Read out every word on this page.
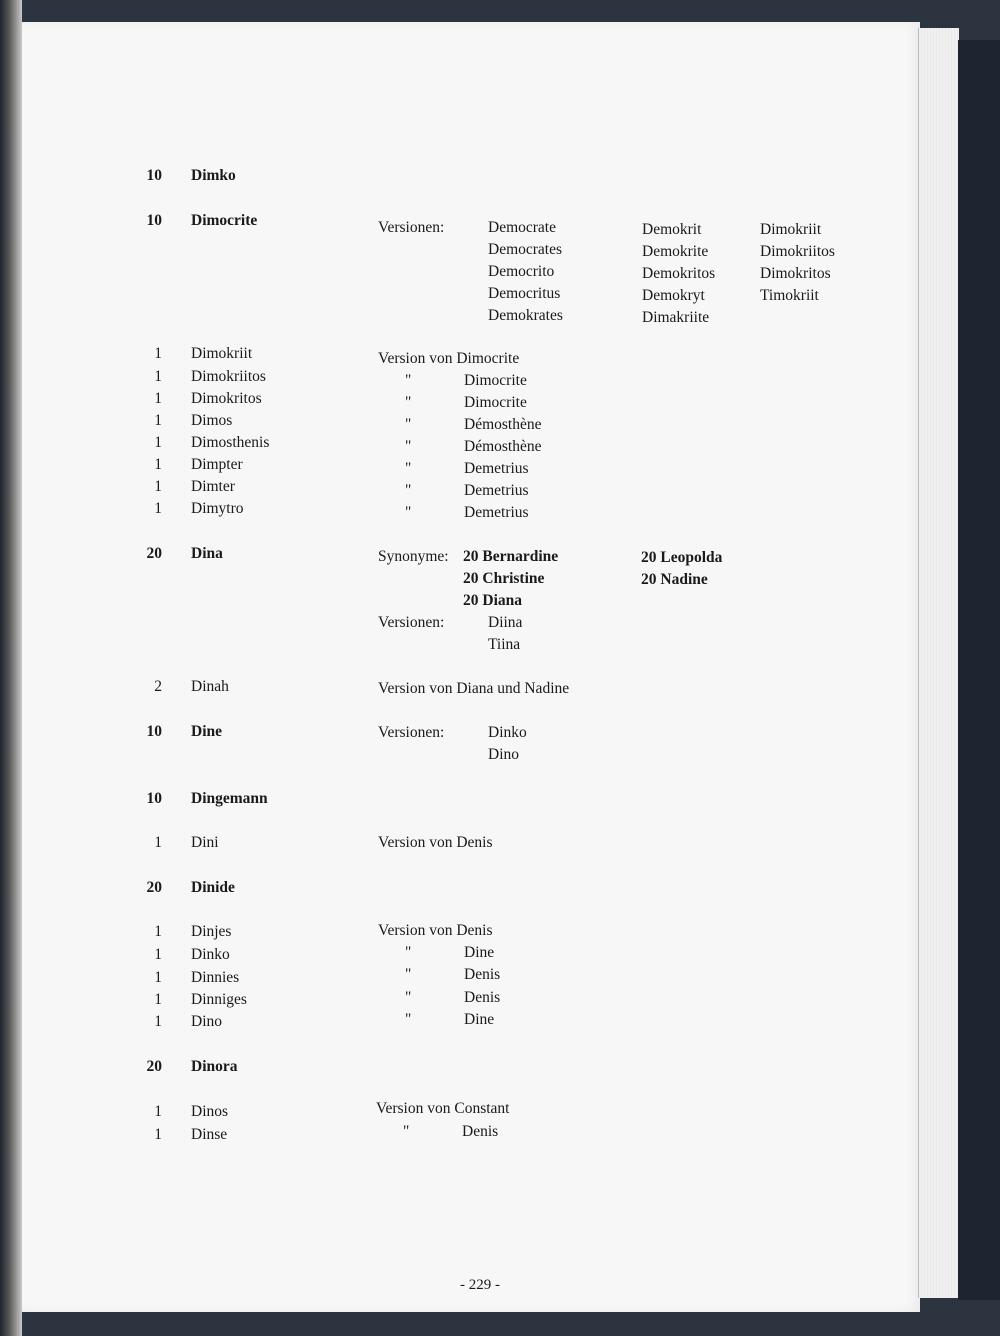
10 Dimko
10 Dimocrite	Versionen:	Democrate	Demokrit	Dimokriit
Democrates	Demokrite	Dimokriitos
Democrito	Demokritos	Dimokritos
Democritus	Demokryt	Timokriit
Demokrates	Dimakriite
1 Dimokriit	Version von Dimocrite
1 Dimokriitos	"	Dimocrite
1 Dimokritos	"	Dimocrite
1 Dimos	"	Démosthène
1 Dimosthenis	"	Démosthène
1 Dimpter	"	Demetrius
1 Dimter	"	Demetrius
1 Dimytro	"	Demetrius
20 Dina	Synonyme: 20 Bernardine	20 Leopolda
20 Christine	20 Nadine
20 Diana
Versionen:	Diina
Tiina
2 Dinah	Version von Diana und Nadine
10 Dine	Versionen:	Dinko
Dino
10 Dingemann
1 Dini	Version von Denis
20 Dinide
1 Dinjes	Version von Denis
1 Dinko	"	Dine
1 Dinnies	"	Denis
1 Dinniges	"	Denis
1 Dino	"	Dine
20 Dinora
1 Dinos	Version von Constant
1 Dinse	"	Denis
- 229 -
